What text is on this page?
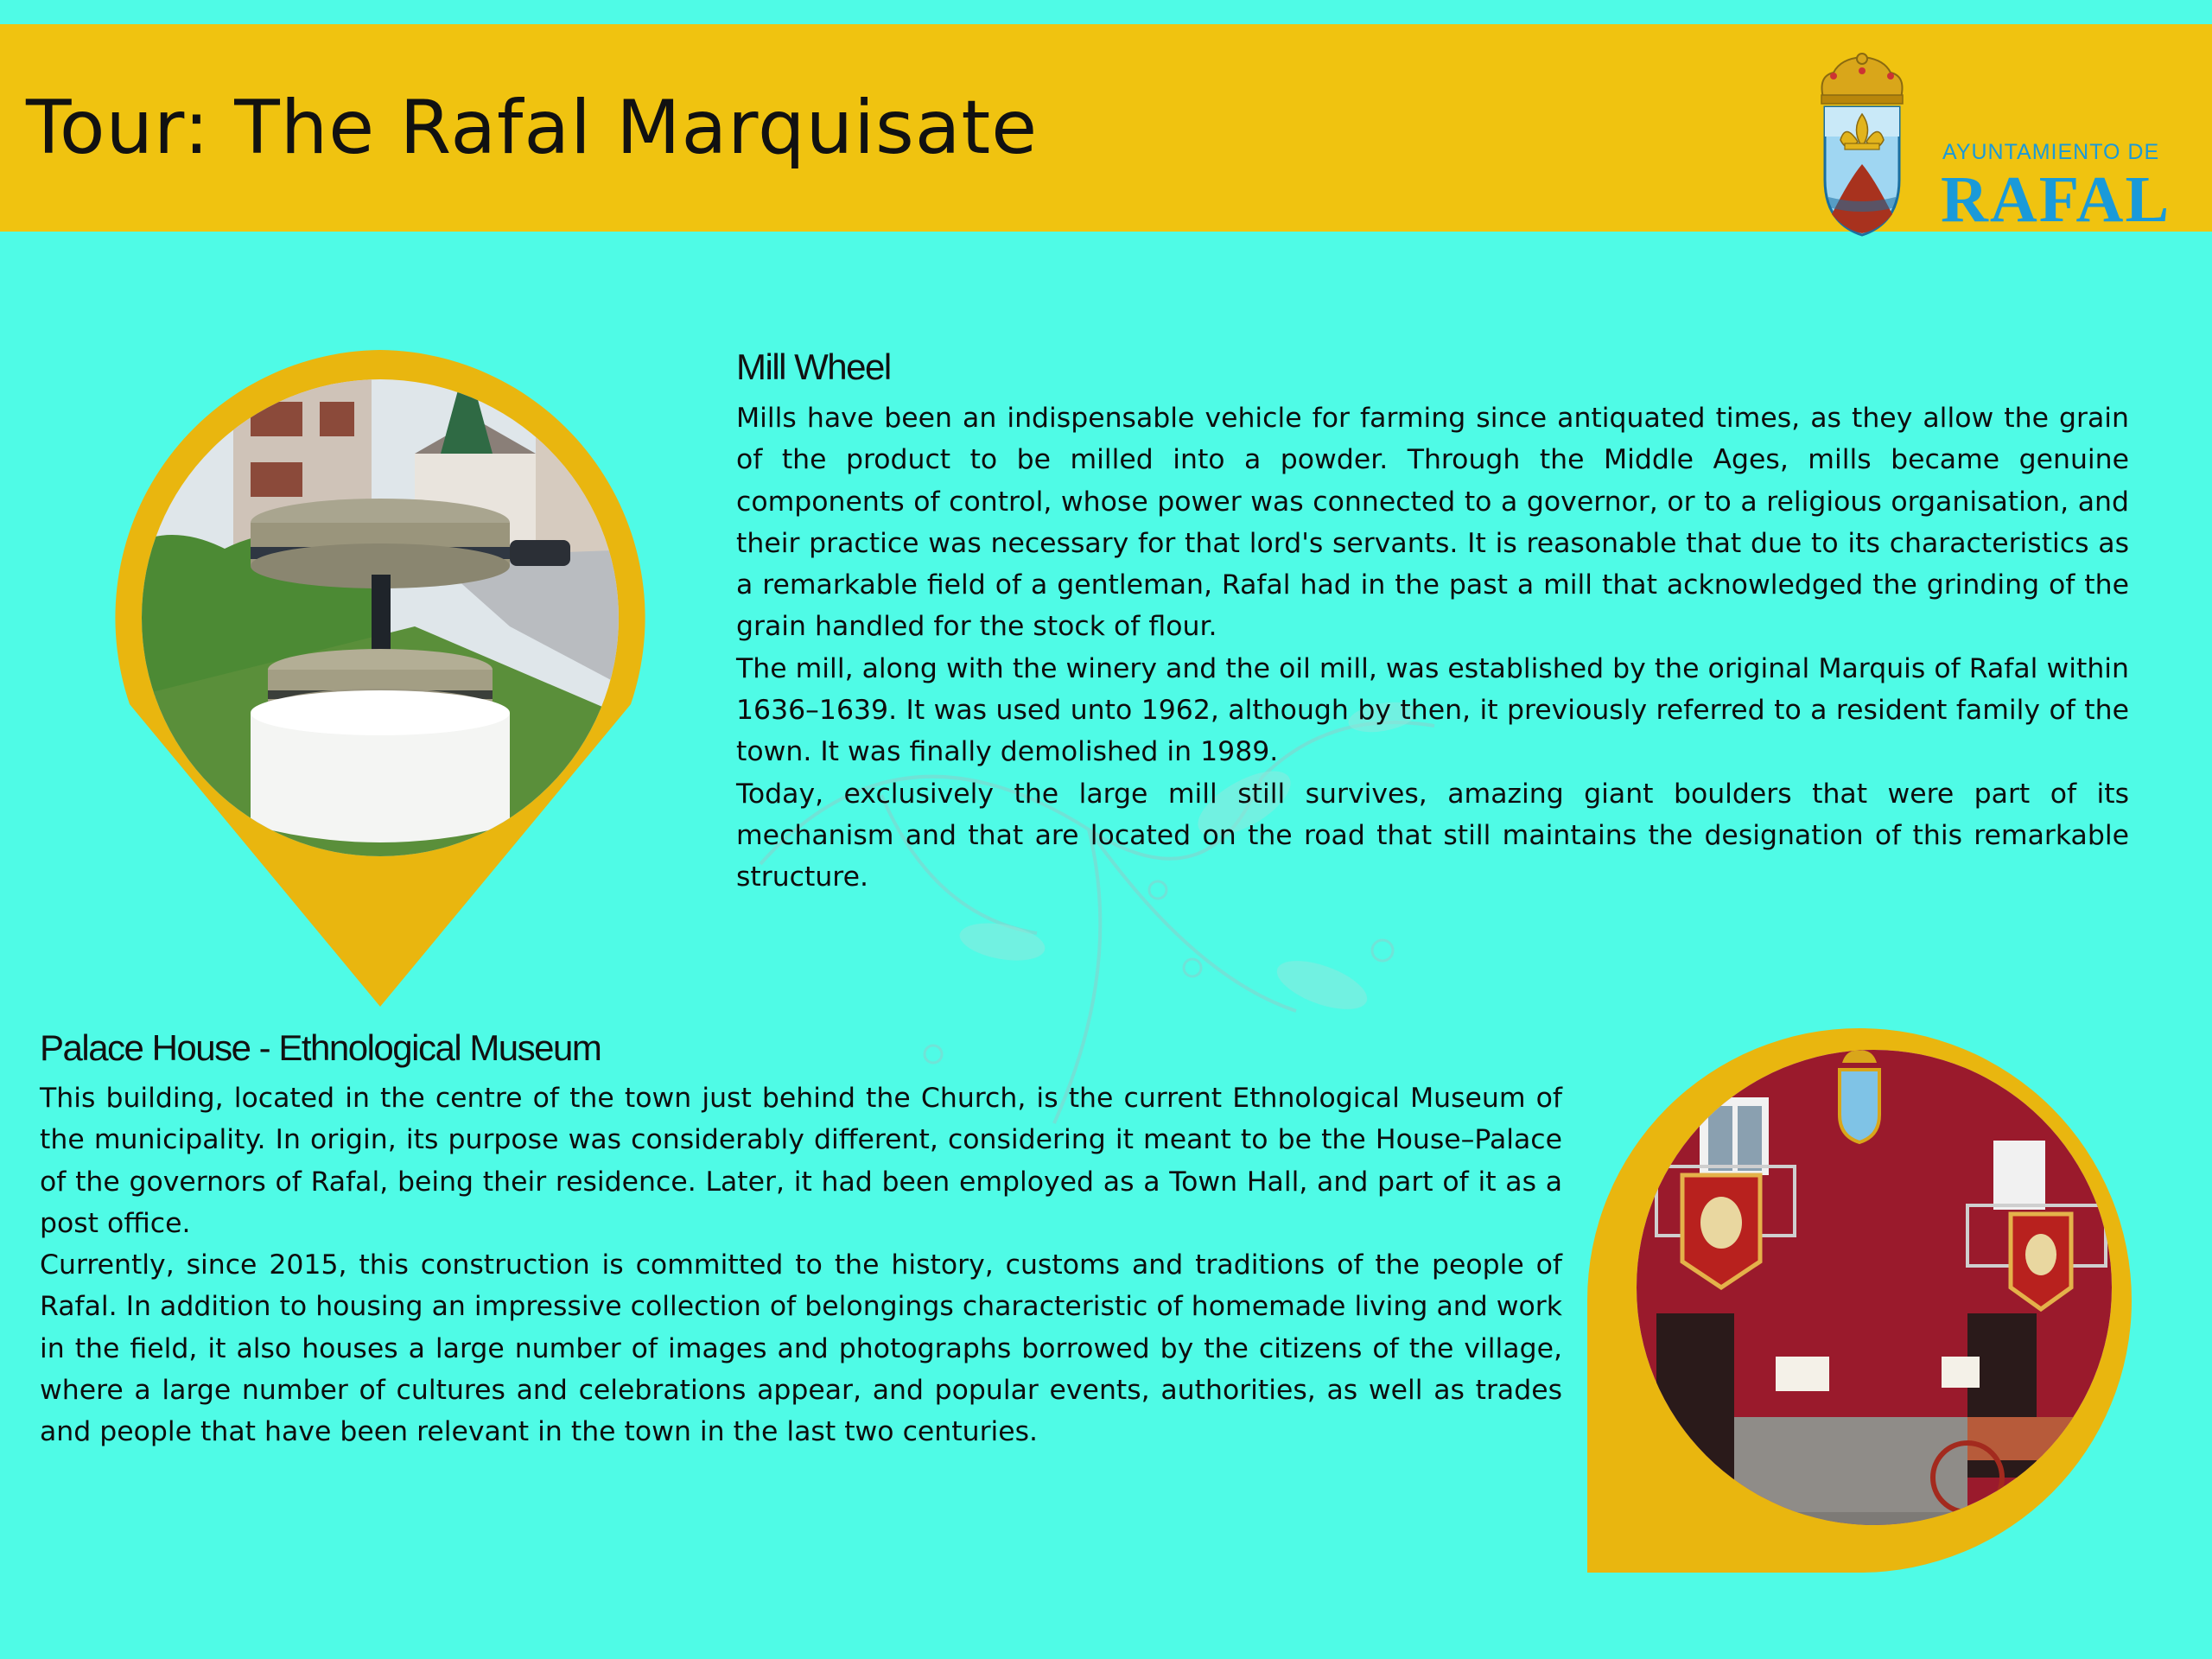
Tour: The Rafal Marquisate	AYUNTAMIENTO DE
RAFAL
Mill Wheel

Mills have been an indispensable vehicle for farming since antiquated times, as they allow the grain of the product to be milled into a powder. Through the Middle Ages, mills became genuine components of control, whose power was connected to a governor, or to a religious organisation, and their practice was necessary for that lord's servants. It is reasonable that due to its characteristics as a remarkable field of a gentleman, Rafal had in the past a mill that acknowledged the grinding of the grain handled for the stock of flour.

The mill, along with the winery and the oil mill, was established by the original Marquis of Rafal within 1636–1639. It was used unto 1962, although by then, it previously referred to a resident family of the town. It was finally demolished in 1989.

Today, exclusively the large mill still survives, amazing giant boulders that were part of its mechanism and that are located on the road that still maintains the designation of this remarkable structure.

Palace House - Ethnological Museum

This building, located in the centre of the town just behind the Church, is the current Ethnological Museum of the municipality. In origin, its purpose was considerably different, considering it meant to be the House–Palace of the governors of Rafal, being their residence. Later, it had been employed as a Town Hall, and part of it as a post office.

Currently, since 2015, this construction is committed to the history, customs and traditions of the people of Rafal. In addition to housing an impressive collection of belongings characteristic of homemade living and work in the field, it also houses a large number of images and photographs borrowed by the citizens of the village, where a large number of cultures and celebrations appear, and popular events, authorities, as well as trades and people that have been relevant in the town in the last two centuries.
